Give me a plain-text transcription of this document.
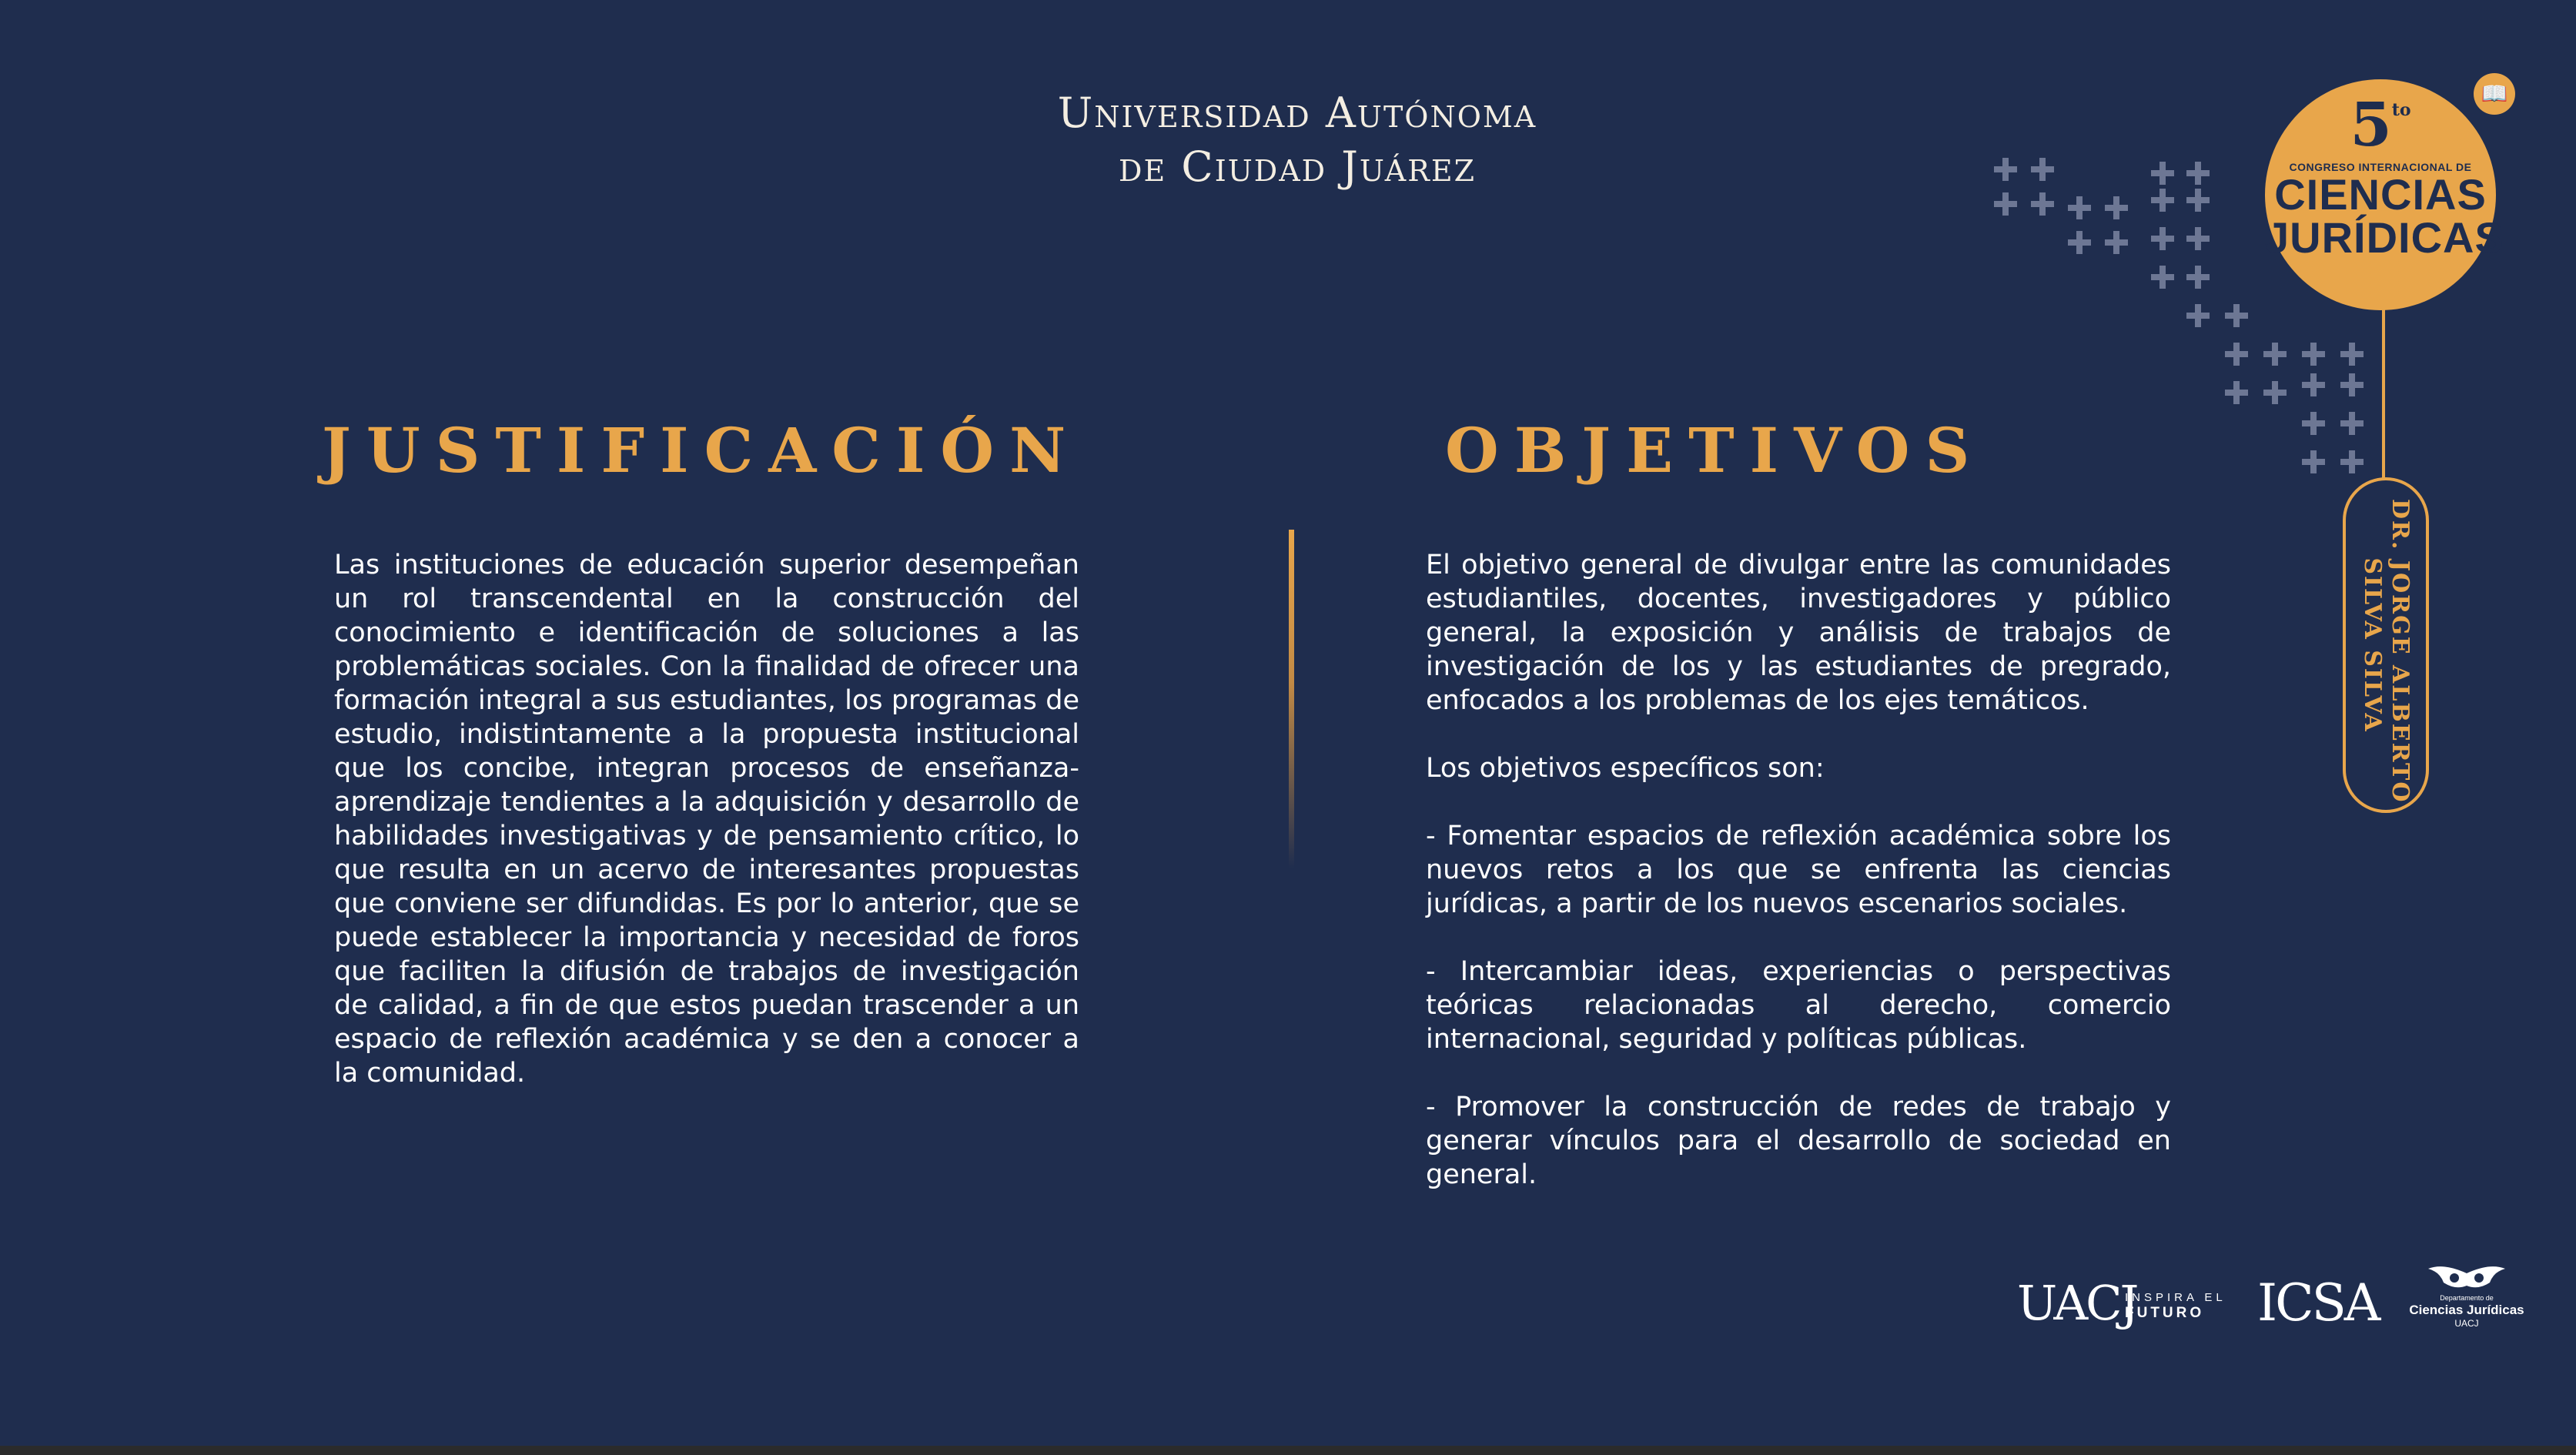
Universidad Autónoma
de Ciudad Juárez
$5^{to}$
CONGRESO INTERNACIONAL DE
CIENCIAS
JURÍDICAS
📖
DR. JORGE ALBERTO
SILVA SILVA
JUSTIFICACIÓN	OBJETIVOS
Las instituciones de educación superior desempeñan un rol transcendental en la construcción del conocimiento e identificación de soluciones a las problemáticas sociales. Con la finalidad de ofrecer una formación integral a sus estudiantes, los programas de estudio, indistintamente a la propuesta institucional que los concibe, integran procesos de enseñanza-aprendizaje tendientes a la adquisición y desarrollo de habilidades investigativas y de pensamiento crítico, lo que resulta en un acervo de interesantes propuestas que conviene ser difundidas. Es por lo anterior, que se puede establecer la importancia y necesidad de foros que faciliten la difusión de trabajos de investigación de calidad, a fin de que estos puedan trascender a un espacio de reflexión académica y se den a conocer a la comunidad.

El objetivo general de divulgar entre las comunidades estudiantiles, docentes, investigadores y público general, la exposición y análisis de trabajos de investigación de los y las estudiantes de pregrado, enfocados a los problemas de los ejes temáticos.

Los objetivos específicos son:

- Fomentar espacios de reflexión académica sobre los nuevos retos a los que se enfrenta las ciencias jurídicas, a partir de los nuevos escenarios sociales.

- Intercambiar ideas, experiencias o perspectivas teóricas relacionadas al derecho, comercio internacional, seguridad y políticas públicas.

- Promover la construcción de redes de trabajo y generar vínculos para el desarrollo de sociedad en general.

UACJ
INSPIRA EL
FUTURO	ICSA	Departamento de
Ciencias Jurídicas
UACJ
